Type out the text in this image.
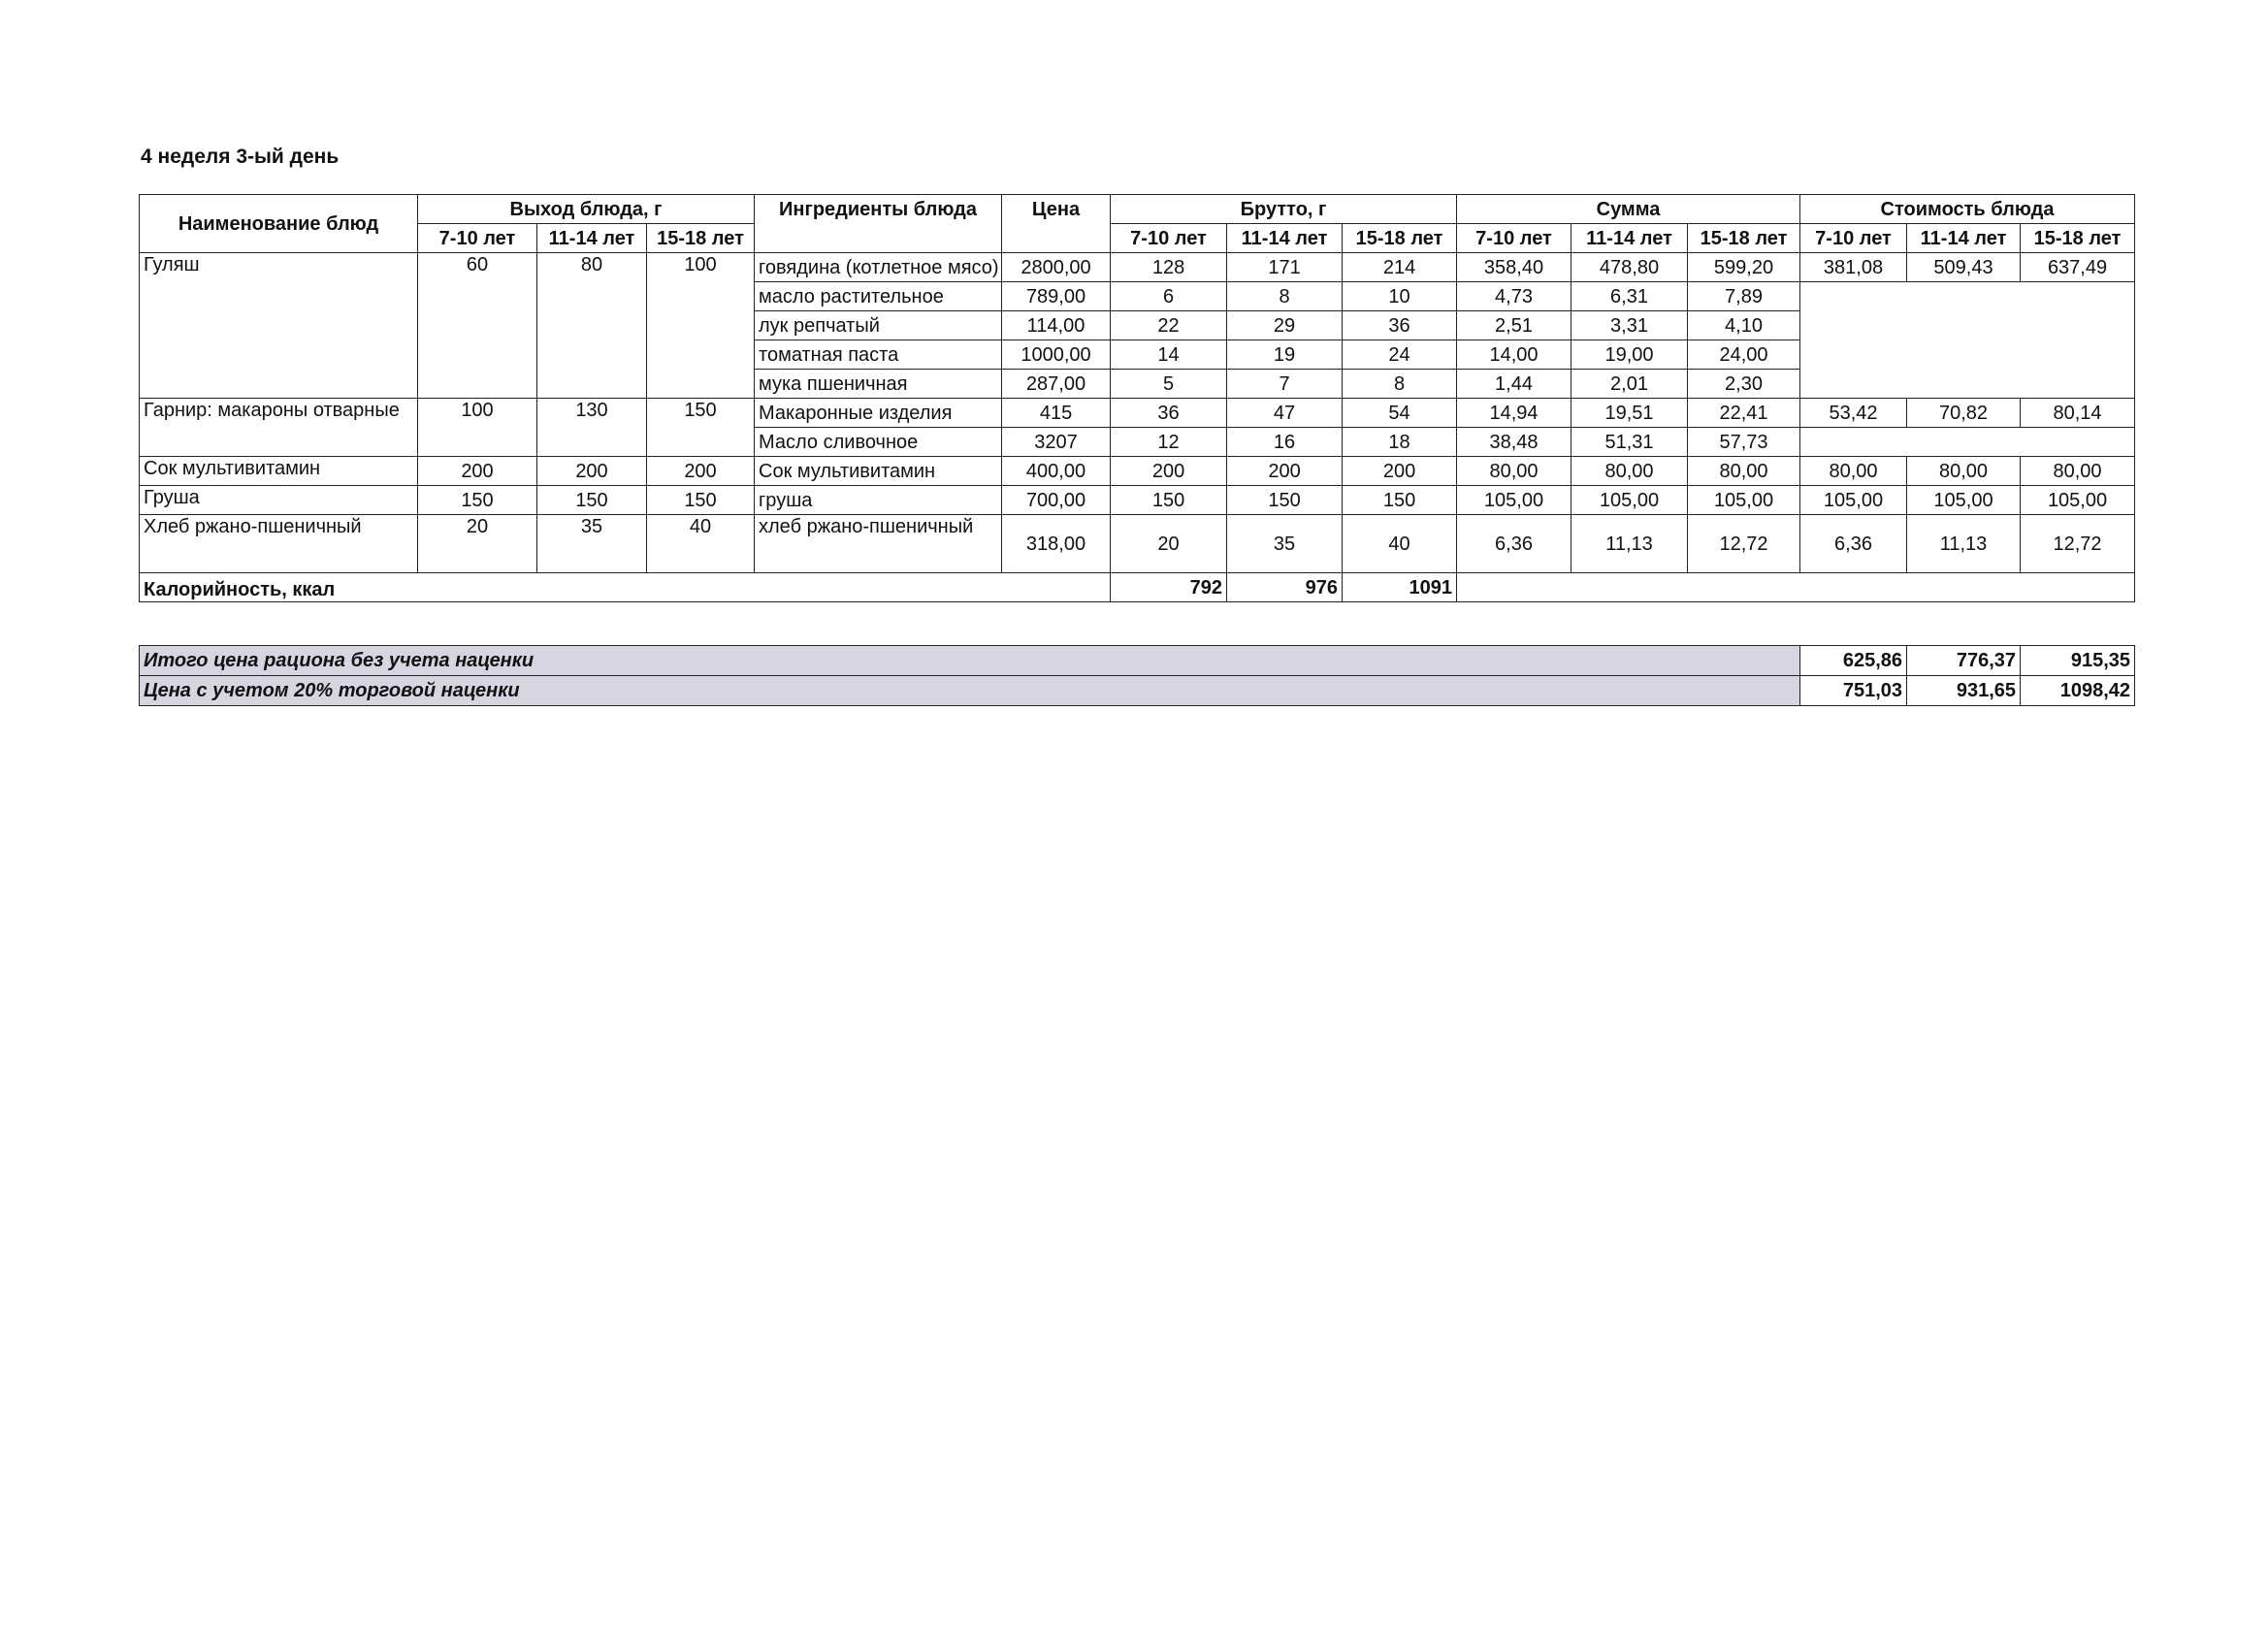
4 неделя 3-ый день
Наименование блюд	Выход блюда, г			Ингредиенты блюда	Цена	Брутто, г			Сумма			Стоимость блюда		
	7-10 лет	11-14 лет	15-18 лет			7-10 лет	11-14 лет	15-18 лет	7-10 лет	11-14 лет	15-18 лет	7-10 лет	11-14 лет	15-18 лет
Гуляш	60	80	100	говядина (котлетное мясо)	2800,00	128	171	214	358,40	478,80	599,20	381,08	509,43	637,49
				масло растительное	789,00	6	8	10	4,73	6,31	7,89			
				лук репчатый	114,00	22	29	36	2,51	3,31	4,10			
				томатная паста	1000,00	14	19	24	14,00	19,00	24,00			
				мука пшеничная	287,00	5	7	8	1,44	2,01	2,30			
Гарнир: макароны отварные	100	130	150	Макаронные изделия	415	36	47	54	14,94	19,51	22,41	53,42	70,82	80,14
				Масло сливочное	3207	12	16	18	38,48	51,31	57,73			
Сок мультивитамин	200	200	200	Сок мультивитамин	400,00	200	200	200	80,00	80,00	80,00	80,00	80,00	80,00
Груша	150	150	150	груша	700,00	150	150	150	105,00	105,00	105,00	105,00	105,00	105,00
Хлеб ржано-пшеничный	20	35	40	хлеб ржано-пшеничный	318,00	20	35	40	6,36	11,13	12,72	6,36	11,13	12,72
Калорийность, ккал						792	976	1091						
Итого цена рациона без учета наценки	625,86	776,37	915,35
Цена с учетом 20% торговой наценки	751,03	931,65	1098,42
